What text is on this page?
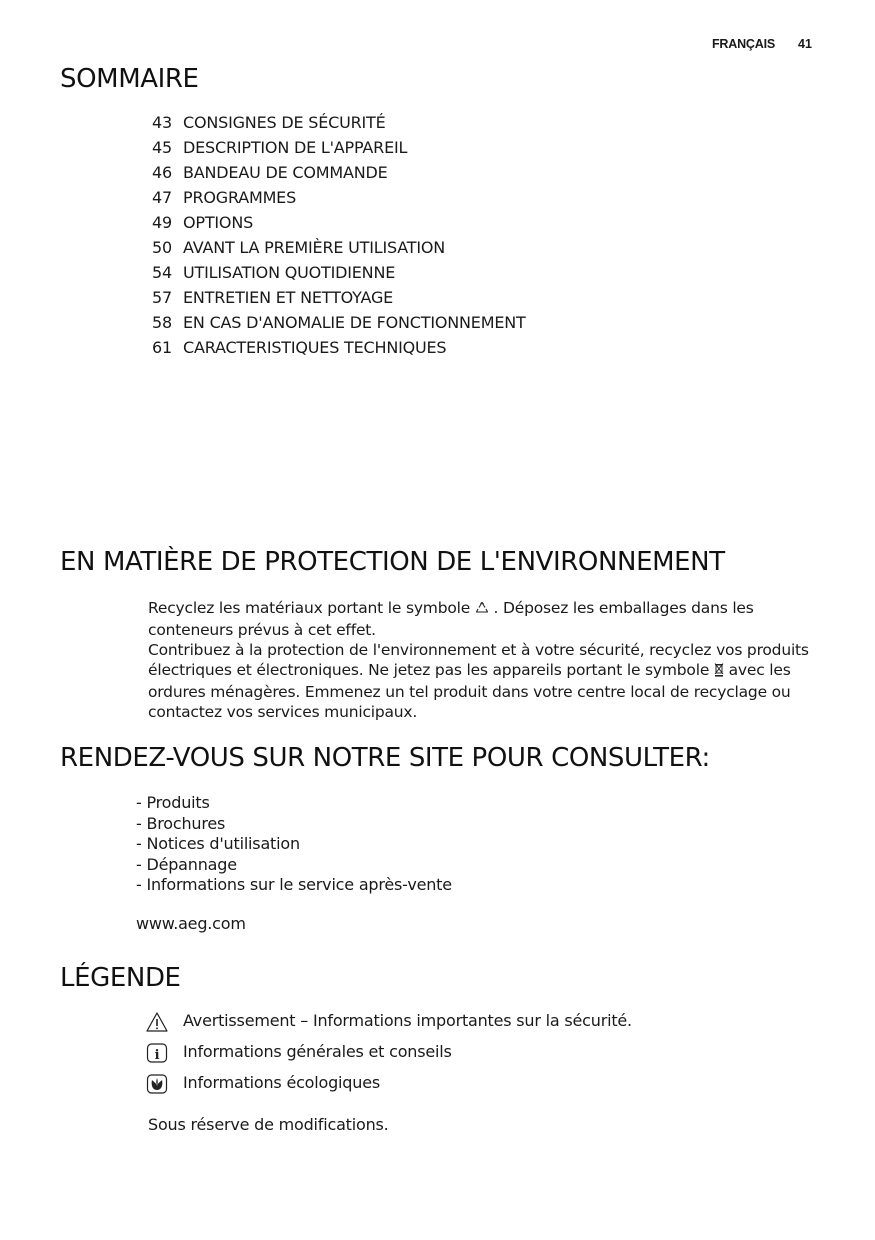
FRANÇAIS 41
SOMMAIRE
43 CONSIGNES DE SÉCURITÉ
45 DESCRIPTION DE L'APPAREIL
46 BANDEAU DE COMMANDE
47 PROGRAMMES
49 OPTIONS
50 AVANT LA PREMIÈRE UTILISATION
54 UTILISATION QUOTIDIENNE
57 ENTRETIEN ET NETTOYAGE
58 EN CAS D'ANOMALIE DE FONCTIONNEMENT
61 CARACTERISTIQUES TECHNIQUES
EN MATIÈRE DE PROTECTION DE L'ENVIRONNEMENT

Recyclez les matériaux portant le symbole  . Déposez les emballages dans les conteneurs prévus à cet effet.

Contribuez à la protection de l'environnement et à votre sécurité, recyclez vos produits électriques et électroniques. Ne jetez pas les appareils portant le symbole  avec les ordures ménagères. Emmenez un tel produit dans votre centre local de recyclage ou contactez vos services municipaux.

RENDEZ-VOUS SUR NOTRE SITE POUR CONSULTER:
- Produits
- Brochures
- Notices d'utilisation
- Dépannage
- Informations sur le service après-vente
www.aeg.com
LÉGENDE
Avertissement – Informations importantes sur la sécurité.
i Informations générales et conseils
Informations écologiques
Sous réserve de modifications.
